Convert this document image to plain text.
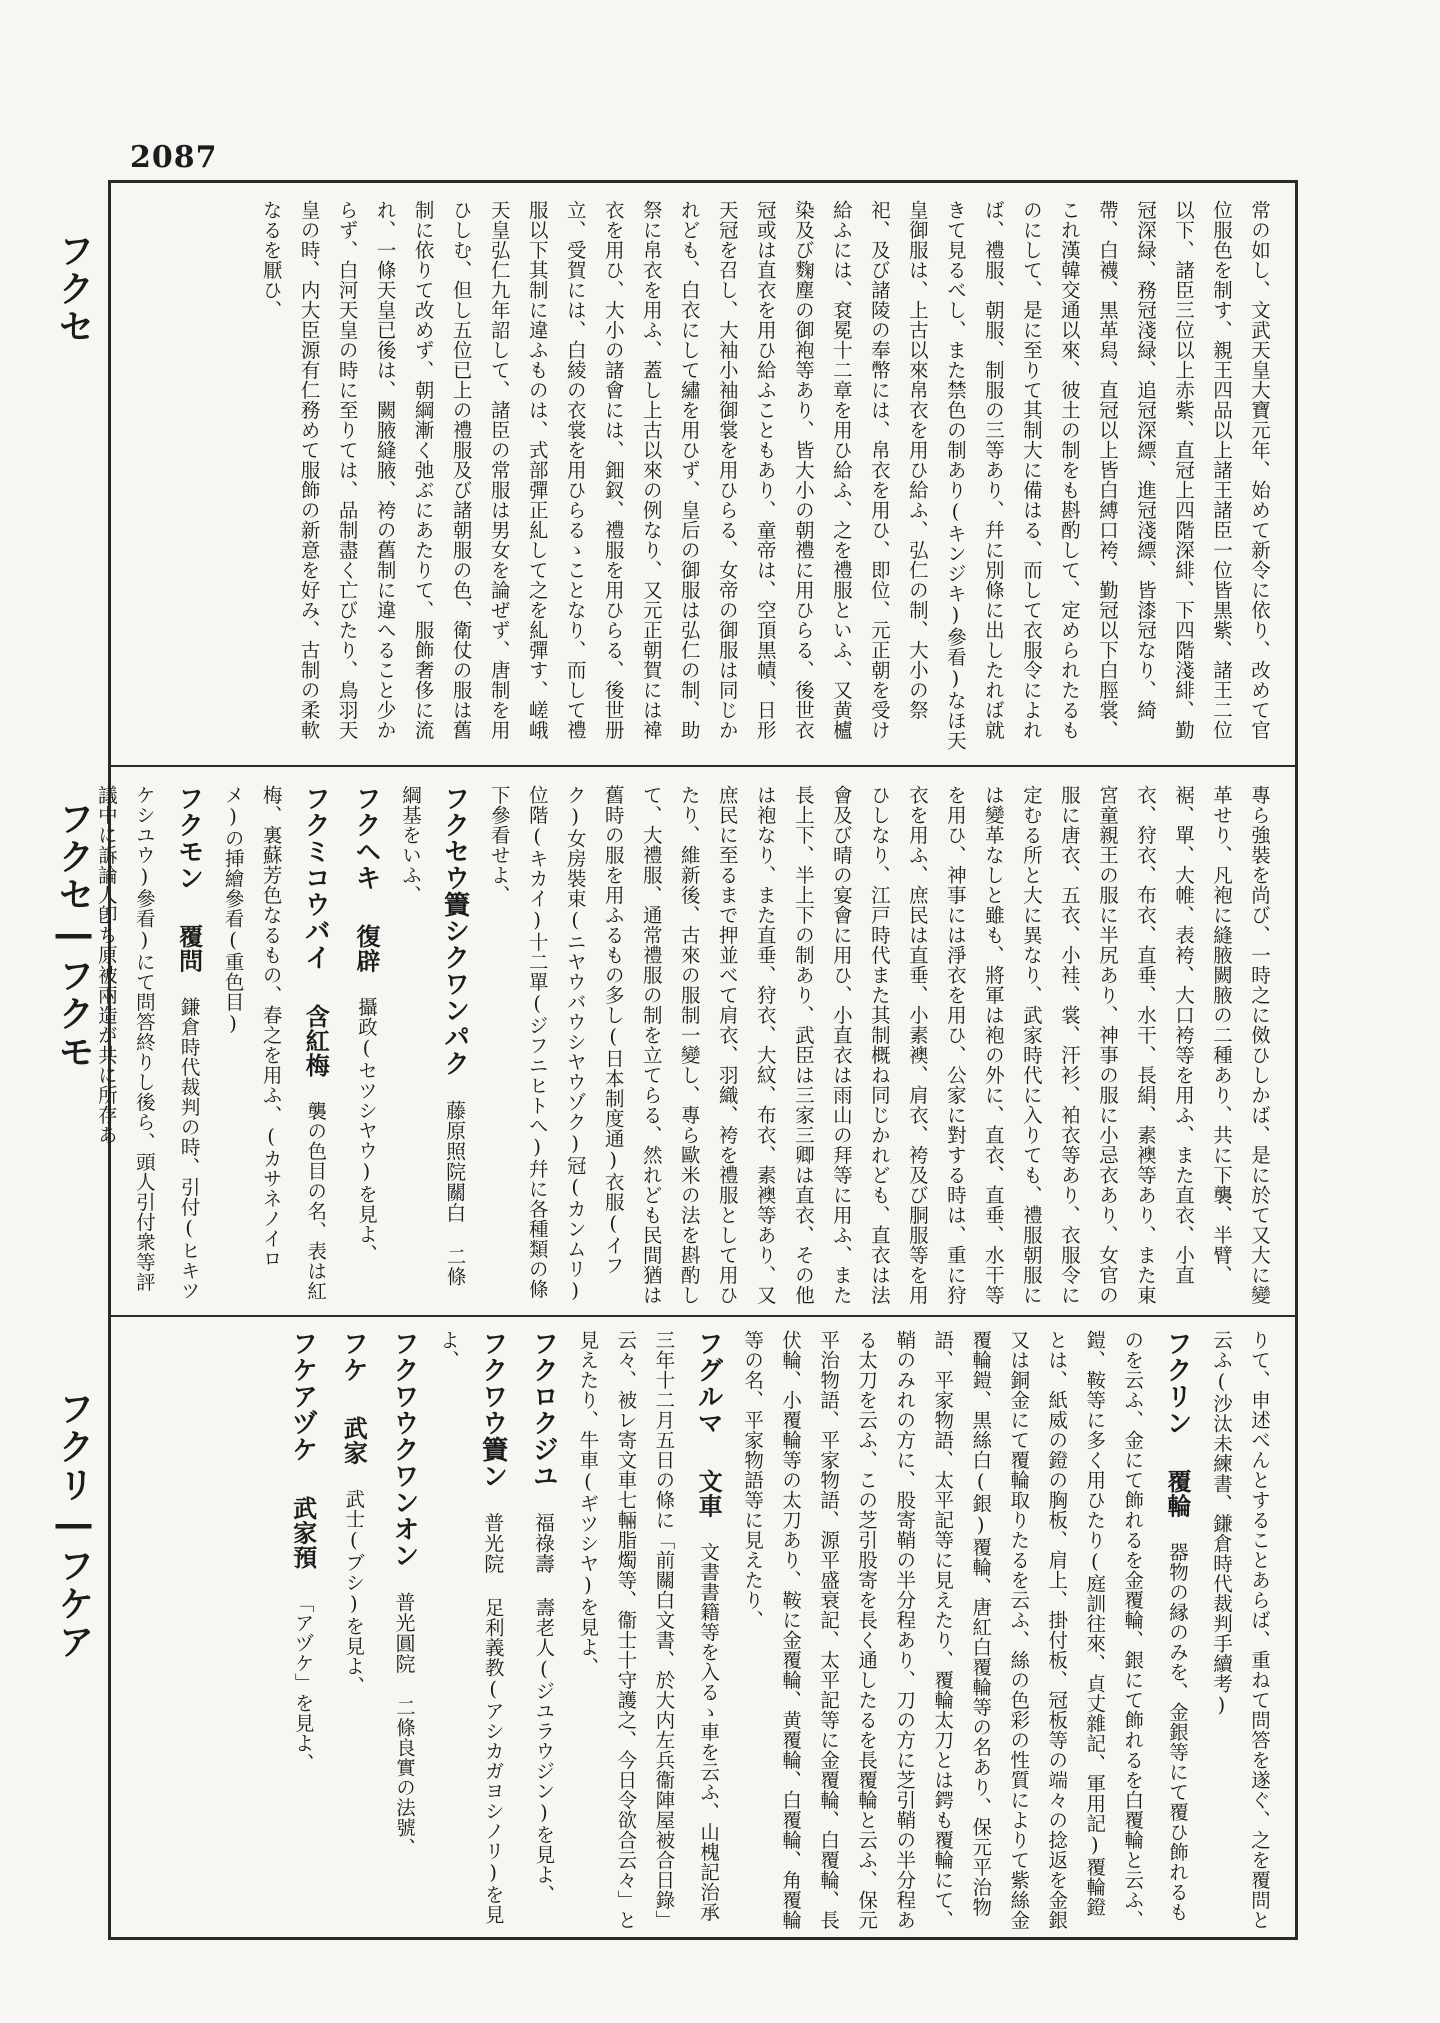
2087
フクセ
フクセ―フクモ
フクリ―フケア
常の如し、文武天皇大寶元年、始めて新令に依り、改めて官位服色を制す、親王四品以上諸王諸臣一位皆黒紫、諸王二位以下、諸臣三位以上赤紫、直冠上四階深緋、下四階淺緋、勤冠深緑、務冠淺緑、追冠深縹、進冠淺縹、皆漆冠なり、綺帶、白襪、黒革舄、直冠以上皆白縛口袴、勤冠以下白脛裳、これ漢韓交通以來、彼土の制をも斟酌して、定められたるものにして、是に至りて其制大に備はる、而して衣服令によれば、禮服、朝服、制服の三等あり、幷に別條に出したれば就きて見るべし、また禁色の制あり(キンジキ)參看)なほ天皇御服は、上古以來帛衣を用ひ給ふ、弘仁の制、大小の祭祀、及び諸陵の奉幣には、帛衣を用ひ、即位、元正朝を受け給ふには、袞冕十二章を用ひ給ふ、之を禮服といふ、又黄櫨染及び麴塵の御袍等あり、皆大小の朝禮に用ひらる、後世衣冠或は直衣を用ひ給ふこともあり、童帝は、空頂黒幘、日形天冠を召し、大袖小袖御裳を用ひらる、女帝の御服は同じかれども、白衣にして繡を用ひず、皇后の御服は弘仁の制、助祭に帛衣を用ふ、蓋し上古以來の例なり、又元正朝賀には褘衣を用ひ、大小の諸會には、鈿釵、禮服を用ひらる、後世册立、受賀には、白綾の衣裳を用ひらるゝことなり、而して禮服以下其制に違ふものは、式部彈正糺して之を糺彈す、嵯峨天皇弘仁九年詔して、諸臣の常服は男女を論ぜず、唐制を用ひしむ、但し五位已上の禮服及び諸朝服の色、衛仗の服は舊制に依りて改めず、朝綱漸く弛ぶにあたりて、服飾奢侈に流れ、一條天皇已後は、闕腋縫腋、袴の舊制に違へること少からず、白河天皇の時に至りては、品制盡く亡びたり、鳥羽天皇の時、内大臣源有仁務めて服飾の新意を好み、古制の柔軟なるを厭ひ、
專ら強裝を尚び、一時之に傚ひしかば、是に於て又大に變革せり、凡袍に縫腋闕腋の二種あり、共に下襲、半臂、裾、單、大帷、表袴、大口袴等を用ふ、また直衣、小直衣、狩衣、布衣、直垂、水干、長絹、素襖等あり、また東宮童親王の服に半尻あり、神事の服に小忌衣あり、女官の服に唐衣、五衣、小袿、裳、汗衫、袙衣等あり、衣服令に定むる所と大に異なり、武家時代に入りても、禮服朝服には變革なしと雖も、將軍は袍の外に、直衣、直垂、水干等を用ひ、神事には淨衣を用ひ、公家に對する時は、重に狩衣を用ふ、庶民は直垂、小素襖、肩衣、袴及び胴服等を用ひしなり、江戸時代また其制概ね同じかれども、直衣は法會及び晴の宴會に用ひ、小直衣は雨山の拜等に用ふ、また長上下、半上下の制あり、武臣は三家三卿は直衣、その他は袍なり、また直垂、狩衣、大紋、布衣、素襖等あり、又庶民に至るまで押並べて肩衣、羽織、袴を禮服として用ひたり、維新後、古來の服制一變し、專ら歐米の法を斟酌して、大禮服、通常禮服の制を立てらる、然れども民間猶は舊時の服を用ふるもの多し(日本制度通)衣服(イフク)女房裝束(ニヤウバウシヤウゾク)冠(カンムリ)位階(キカイ)十二單(ジフニヒトへ)幷に各種類の條下參看せよ、
フクセウ簀シクワンパク 藤原照院關白 二條綱基をいふ、
フクヘキ 復辟 攝政(セツシヤウ)を見よ、
フクミコウバイ 含紅梅 襲の色目の名、表は紅梅、裏蘇芳色なるもの、春之を用ふ、(カサネノイロメ)の挿繪參看(重色目)
フクモン 覆問 鎌倉時代裁判の時、引付(ヒキツケシユウ)參看)にて問答終りし後ら、頭人引付衆等評議中に訴論人卽ち原被兩造が共に所存あ
りて、申述べんとすることあらば、重ねて問答を遂ぐ、之を覆問と云ふ(沙汰未練書、鎌倉時代裁判手續考)
フクリン 覆輪 器物の縁のみを、金銀等にて覆ひ飾れるものを云ふ、金にて飾れるを金覆輪、銀にて飾れるを白覆輪と云ふ、鎧、鞍等に多く用ひたり(庭訓往來、貞丈雜記、軍用記)覆輪鐙とは、紙威の鐙の胸板、肩上、掛付板、冠板等の端々の捻返を金銀又は銅金にて覆輪取りたるを云ふ、絲の色彩の性質によりて紫絲金覆輪鎧、黒絲白(銀)覆輪、唐紅白覆輪等の名あり、保元平治物語、平家物語、太平記等に見えたり、覆輪太刀とは鍔も覆輪にて、鞘のみれの方に、股寄鞘の半分程あり、刀の方に芝引鞘の半分程ある太刀を云ふ、この芝引股寄を長く通したるを長覆輪と云ふ、保元平治物語、平家物語、源平盛衰記、太平記等に金覆輪、白覆輪、長伏輪、小覆輪等の太刀あり、鞍に金覆輪、黄覆輪、白覆輪、角覆輪等の名、平家物語等に見えたり、
フグルマ 文車 文書書籍等を入るゝ車を云ふ、山槐記治承三年十二月五日の條に「前關白文書、於大内左兵衞陣屋被合日錄」云々、被レ寄文車七輛脂燭等、衞士十守護之、今日令欲合云々」と見えたり、牛車(ギツシヤ)を見よ、
フクロクジユ 福祿壽 壽老人(ジユラウジン)を見よ、
フクワウ簀ン 普光院 足利義教(アシカガヨシノリ)を見よ、
フクワウクワンオン 普光圓院 二條良實の法號、
フケ 武家 武士(ブシ)を見よ、
フケアヅケ 武家預 「アヅケ」を見よ、
